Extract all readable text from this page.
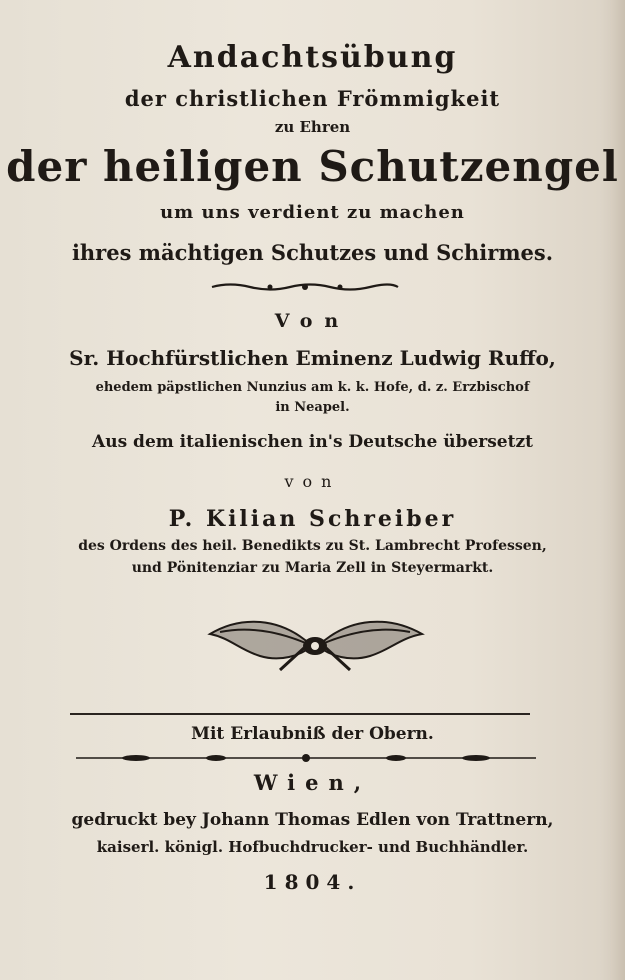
Andachtsübung
der christlichen Frömmigkeit
zu Ehren
der heiligen Schutzengel
um uns verdient zu machen
ihres mächtigen Schutzes und Schirmes.
Von
Sr. Hochfürstlichen Eminenz Ludwig Ruffo,
ehedem päpstlichen Nunzius am k. k. Hofe, d. z. Erzbischof
in Neapel.
Aus dem italienischen in's Deutsche übersetzt
von
P. Kilian Schreiber
des Ordens des heil. Benedikts zu St. Lambrecht Professen,
und Pönitenziar zu Maria Zell in Steyermarkt.
Mit Erlaubniß der Obern.
Wien,
gedruckt bey Johann Thomas Edlen von Trattnern,
kaiserl. königl. Hofbuchdrucker- und Buchhändler.
1804.
